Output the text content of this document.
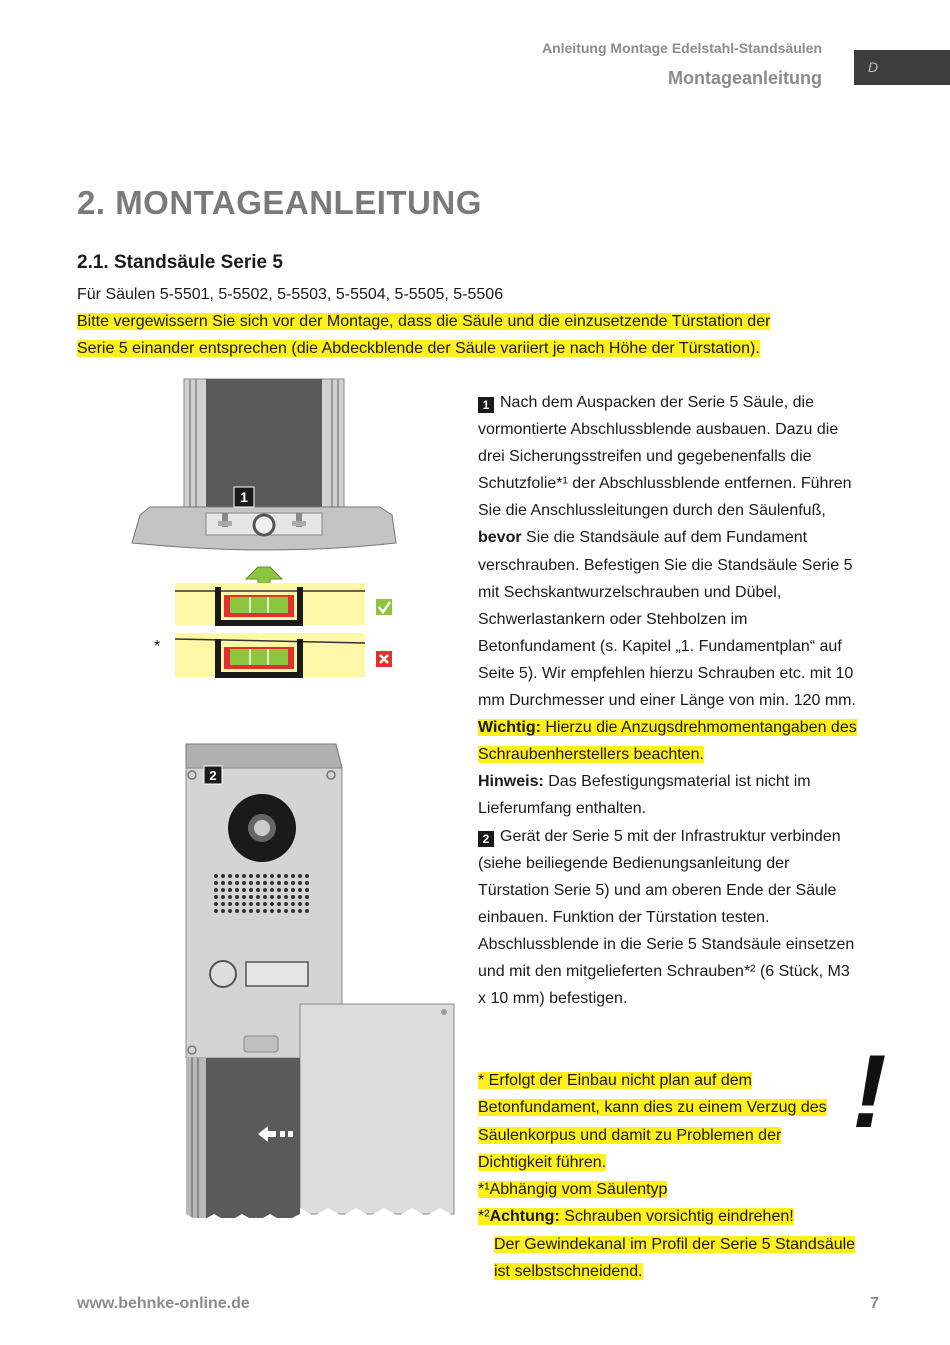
Anleitung Montage Edelstahl-Standsäulen
Montageanleitung
D
2. MONTAGEANLEITUNG
2.1. Standsäule Serie 5
Für Säulen 5-5501, 5-5502, 5-5503, 5-5504, 5-5505, 5-5506
Bitte vergewissern Sie sich vor der Montage, dass die Säule und die einzusetzende Türstation der
Serie 5 einander entsprechen (die Abdeckblende der Säule variiert je nach Höhe der Türstation).
1
*
2

1 Nach dem Auspacken der Serie 5 Säule, die vormontierte Abschlussblende ausbauen. Dazu die drei Sicherungsstreifen und gegebenenfalls die Schutzfolie*¹ der Abschlussblende entfernen. Führen Sie die Anschlussleitungen durch den Säulenfuß, bevor Sie die Standsäule auf dem Fundament verschrauben. Befestigen Sie die Standsäule Serie 5 mit Sechskantwurzelschrauben und Dübel, Schwerlastankern oder Stehbolzen im Betonfundament (s. Kapitel „1. Fundamentplan“ auf Seite 5). Wir empfehlen hierzu Schrauben etc. mit 10 mm Durchmesser und einer Länge von min. 120 mm.

Wichtig: Hierzu die Anzugsdrehmomentangaben des Schraubenherstellers beachten.

Hinweis: Das Befestigungsmaterial ist nicht im Lieferumfang enthalten.

2 Gerät der Serie 5 mit der Infrastruktur verbinden (siehe beiliegende Bedienungsanleitung der Türstation Serie 5) und am oberen Ende der Säule einbauen. Funktion der Türstation testen. Abschlussblende in die Serie 5 Standsäule einsetzen und mit den mitgelieferten Schrauben*² (6 Stück, M3 x 10 mm) befestigen.

* Erfolgt der Einbau nicht plan auf dem Betonfundament, kann dies zu einem Verzug des Säulenkorpus und damit zu Problemen der Dichtigkeit führen.

*¹Abhängig vom Säulentyp

*²Achtung: Schrauben vorsichtig eindrehen!

Der Gewindekanal im Profil der Serie 5 Standsäule ist selbstschneidend.

!
www.behnke-online.de	7
